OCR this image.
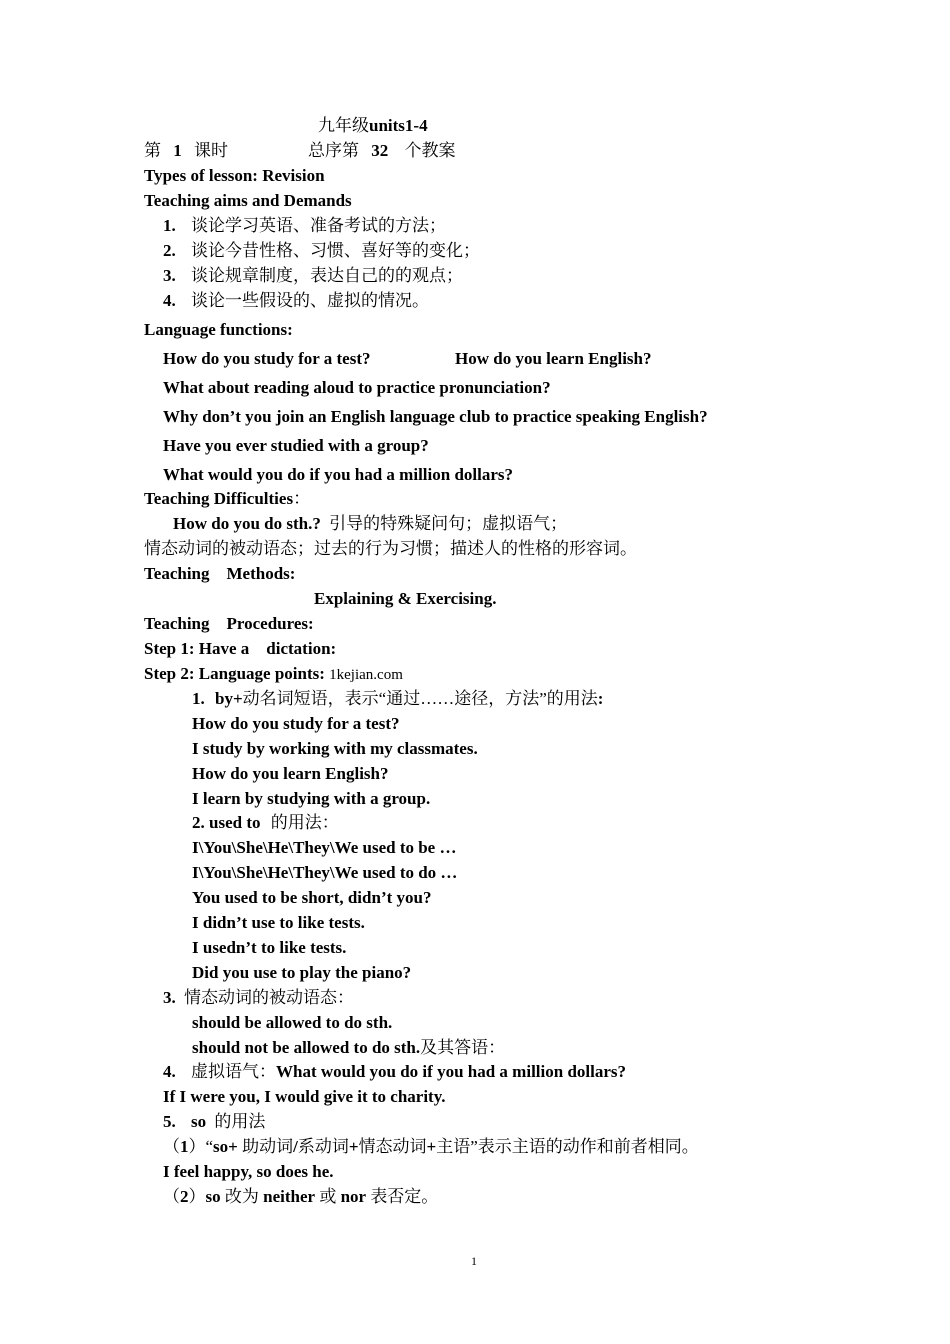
九年级units1-4
第 1 课时	总序第 32 个教案
Types of lesson: Revision
Teaching aims and Demands
1. 谈论学习英语、准备考试的方法；
2. 谈论今昔性格、习惯、喜好等的变化；
3. 谈论规章制度，表达自己的的观点；
4. 谈论一些假设的、虚拟的情况。
Language functions:
How do you study for a test?	How do you learn English?
What about reading aloud to practice pronunciation?
Why don’t you join an English language club to practice speaking English?
Have you ever studied with a group?
What would you do if you had a million dollars?
Teaching Difficulties：
How do you do sth.? 引导的特殊疑问句；虚拟语气；
情态动词的被动语态；过去的行为习惯；描述人的性格的形容词。
Teaching    Methods:
Explaining & Exercising.
Teaching    Procedures:
Step 1: Have a    dictation:
Step 2: Language points: 1kejian.com
1. by+动名词短语，表示“通过……途径，方法”的用法:
How do you study for a test?
I study by working with my classmates.
How do you learn English?
I learn by studying with a group.
2. used to 的用法：
I\You\She\He\They\We used to be …
I\You\She\He\They\We used to do …
You used to be short, didn’t you?
I didn’t use to like tests.
I usedn’t to like tests.
Did you use to play the piano?
3. 情态动词的被动语态：
should be allowed to do sth.
should not be allowed to do sth.及其答语：
4. 虚拟语气：What would you do if you had a million dollars?
If I were you, I would give it to charity.
5. so 的用法
（1）“so+ 助动词/系动词+情态动词+主语”表示主语的动作和前者相同。
I feel happy, so does he.
（2）so 改为 neither 或 nor 表否定。
1
